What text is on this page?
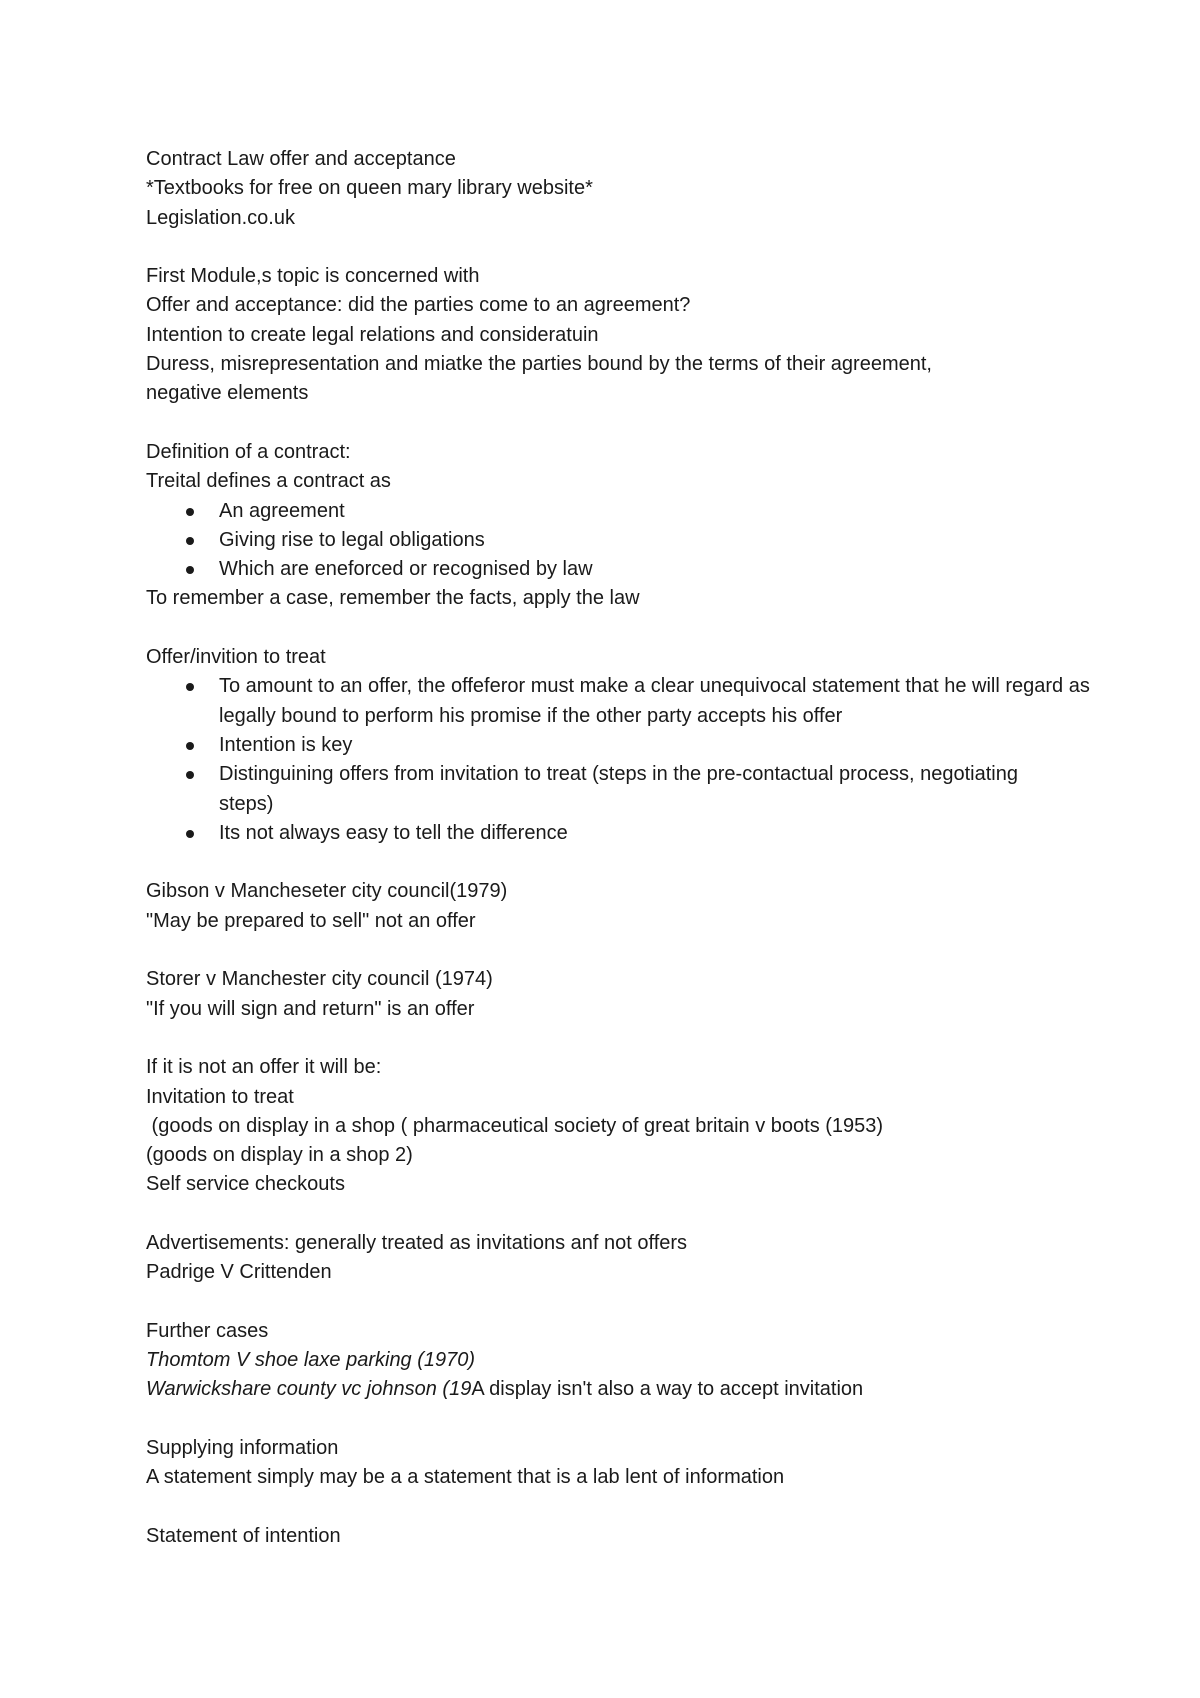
Contract Law offer and acceptance
*Textbooks for free on queen mary library website*
Legislation.co.uk
First Module,s topic is concerned with
Offer and acceptance: did the parties come to an agreement?
Intention to create legal relations and consideratuin
Duress, misrepresentation and miatke the parties bound by the terms of their agreement,
negative elements
Definition of a contract:
Treital defines a contract as
An agreement
Giving rise to legal obligations
Which are eneforced or recognised by law
To remember a case, remember the facts, apply the law
Offer/invition to treat
To amount to an offer, the offeferor must make a clear unequivocal statement that he will regard as legally bound to perform his promise if the other party accepts his offer
Intention is key
Distinguining offers from invitation to treat (steps in the pre-contactual process, negotiating steps)
Its not always easy to tell the difference
Gibson v Mancheseter city council(1979)
"May be prepared to sell" not an offer
Storer v Manchester city council (1974)
"If you will sign and return" is an offer
If it is not an offer it will be:
Invitation to treat
(goods on display in a shop ( pharmaceutical society of great britain v boots (1953)
(goods on display in a shop 2)
Self service checkouts
Advertisements: generally treated as invitations anf not offers
Padrige V Crittenden
Further cases
Thomtom V shoe laxe parking (1970)
Warwickshare county vc johnson (19A display isn't also a way to accept invitation
Supplying information
A statement simply may be a a statement that is a lab lent of information
Statement of intention
